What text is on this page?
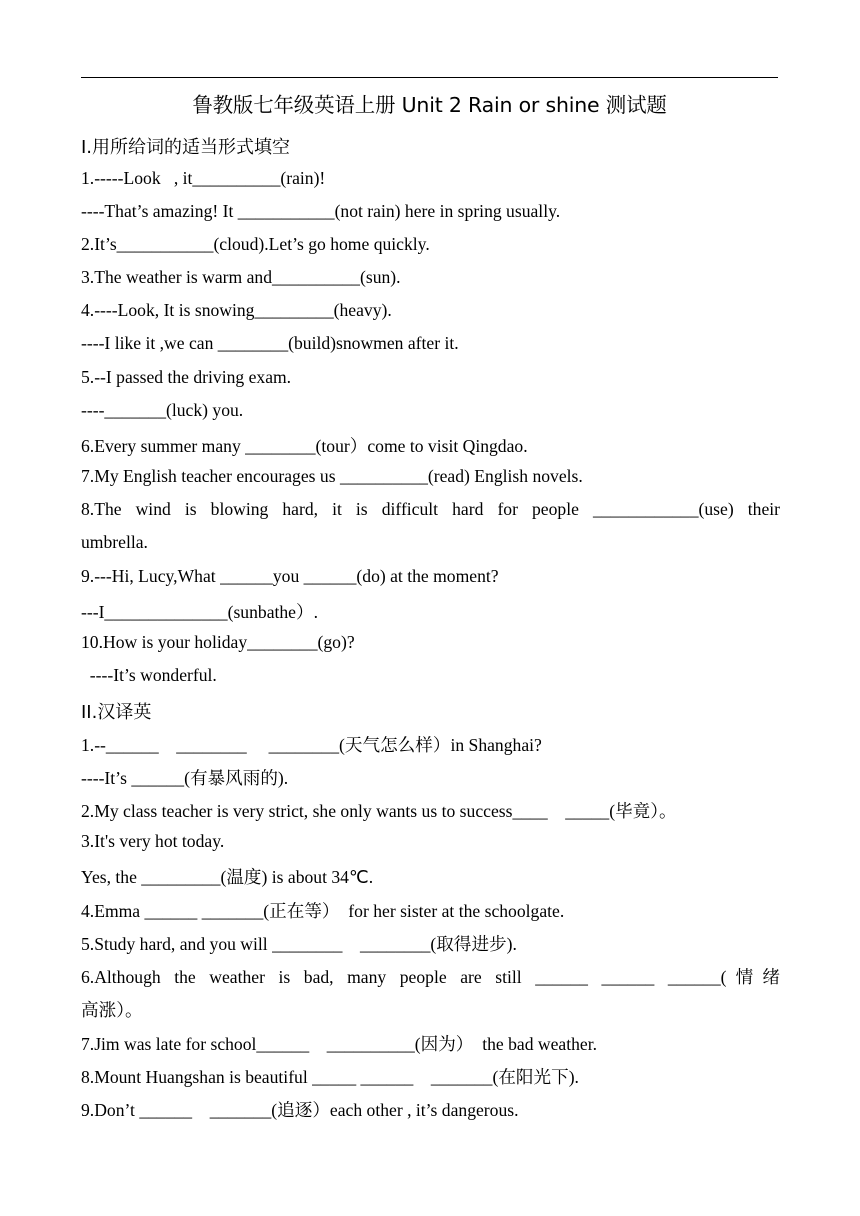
鲁教版七年级英语上册 Unit 2 Rain or shine 测试题
I.用所给词的适当形式填空
1.-----Look   , it__________(rain)!
----That’s amazing! It ___________(not rain) here in spring usually.
2.It’s___________(cloud).Let’s go home quickly.
3.The weather is warm and__________(sun).
4.----Look, It is snowing_________(heavy).
----I like it ,we can ________(build)snowmen after it.
5.--I passed the driving exam.
----_______(luck) you.
6.Every summer many ________(tour）come to visit Qingdao.
7.My English teacher encourages us __________(read) English novels.
8.The wind is blowing hard, it is difficult hard for people ____________(use) their
umbrella.
9.---Hi, Lucy,What ______you ______(do) at the moment?
---I______________(sunbathe）.
10.How is your holiday________(go)?
----It’s wonderful.
II.汉译英
1.--______    ________     ________(天气怎么样）in Shanghai?
----It’s ______(有暴风雨的).
2.My class teacher is very strict, she only wants us to success____    _____(毕竟）。
3.It's very hot today.
Yes, the _________(温度) is about 34℃.
4.Emma ______ _______(正在等）  for her sister at the schoolgate.
5.Study hard, and you will ________    ________(取得进步).
6.Although the weather is bad, many people are still ______ ______ ______(情绪
高涨）。
7.Jim was late for school______    __________(因为）  the bad weather.
8.Mount Huangshan is beautiful _____ ______    _______(在阳光下).
9.Don’t ______    _______(追逐）each other , it’s dangerous.
